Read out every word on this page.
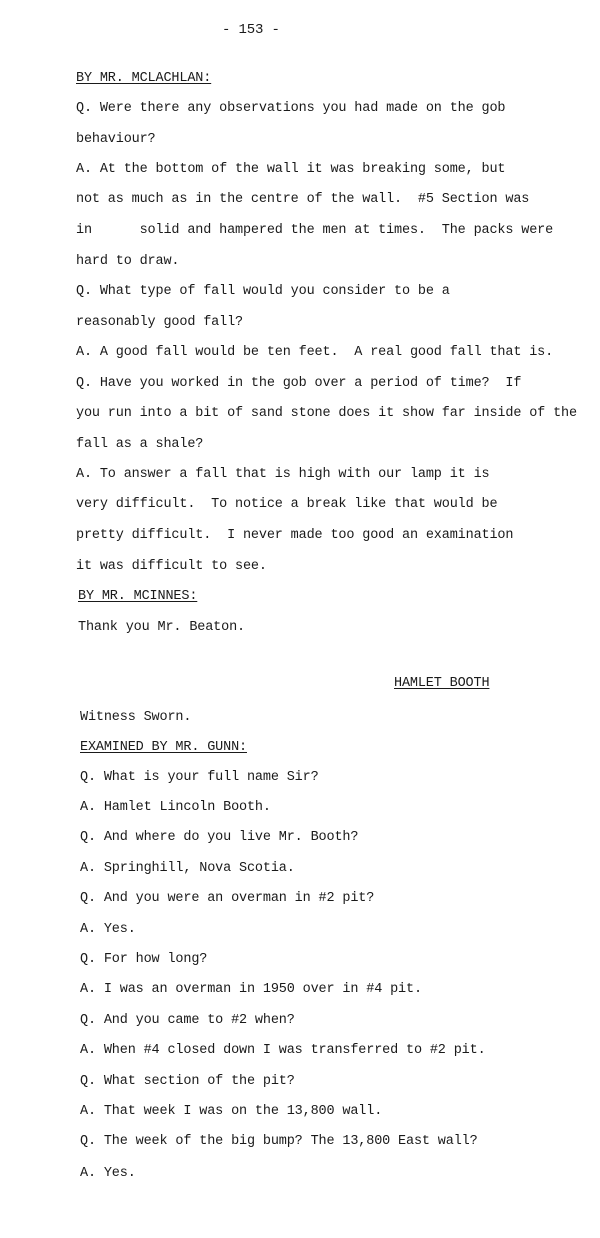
- 153 -
BY MR. MCLACHLAN:
Q. Were there any observations you had made on the gob
behaviour?
A. At the bottom of the wall it was breaking some, but
not as much as in the centre of the wall.  #5 Section was
in      solid and hampered the men at times.  The packs were
hard to draw.
Q. What type of fall would you consider to be a
reasonably good fall?
A. A good fall would be ten feet.  A real good fall that is.
Q. Have you worked in the gob over a period of time?  If
you run into a bit of sand stone does it show far inside of the
fall as a shale?
A. To answer a fall that is high with our lamp it is
very difficult.  To notice a break like that would be
pretty difficult.  I never made too good an examination
it was difficult to see.
BY MR. MCINNES:
Thank you Mr. Beaton.
HAMLET BOOTH
Witness Sworn.
EXAMINED BY MR. GUNN:
Q. What is your full name Sir?
A. Hamlet Lincoln Booth.
Q. And where do you live Mr. Booth?
A. Springhill, Nova Scotia.
Q. And you were an overman in #2 pit?
A. Yes.
Q. For how long?
A. I was an overman in 1950 over in #4 pit.
Q. And you came to #2 when?
A. When #4 closed down I was transferred to #2 pit.
Q. What section of the pit?
A. That week I was on the 13,800 wall.
Q. The week of the big bump? The 13,800 East wall?
A. Yes.
